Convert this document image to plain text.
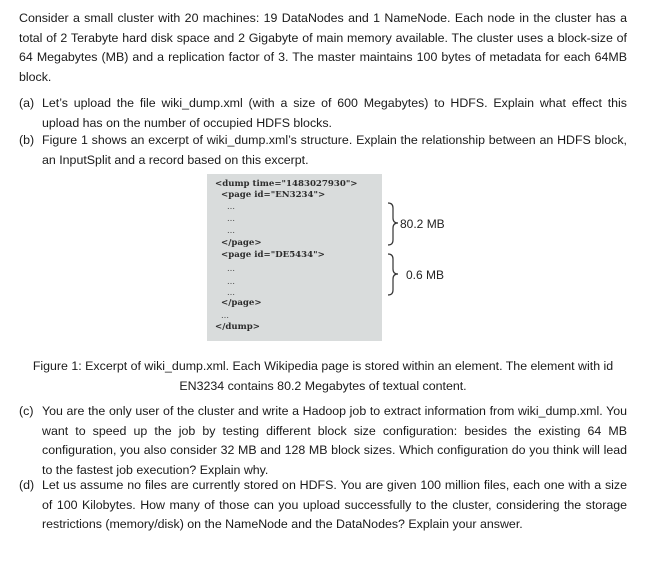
Consider a small cluster with 20 machines: 19 DataNodes and 1 NameNode. Each node in the cluster has a total of 2 Terabyte hard disk space and 2 Gigabyte of main memory available. The cluster uses a block-size of 64 Megabytes (MB) and a replication factor of 3. The master maintains 100 bytes of metadata for each 64MB block.
(a) Let’s upload the file wiki_dump.xml (with a size of 600 Megabytes) to HDFS. Explain what effect this upload has on the number of occupied HDFS blocks.
(b) Figure 1 shows an excerpt of wiki_dump.xml’s structure. Explain the relationship between an HDFS block, an InputSplit and a record based on this excerpt.
<dump time="1483027930">
<page id="EN3234">
…
…
…
</page>
<page id="DE5434">
…
…
…
</page>
…
</dump>
80.2 MB
0.6 MB
Figure 1: Excerpt of wiki_dump.xml. Each Wikipedia page is stored within an element. The element with id EN3234 contains 80.2 Megabytes of textual content.
(c) You are the only user of the cluster and write a Hadoop job to extract information from wiki_dump.xml. You want to speed up the job by testing different block size configuration: besides the existing 64 MB configuration, you also consider 32 MB and 128 MB block sizes. Which configuration do you think will lead to the fastest job execution? Explain why.
(d) Let us assume no files are currently stored on HDFS. You are given 100 million files, each one with a size of 100 Kilobytes. How many of those can you upload successfully to the cluster, considering the storage restrictions (memory/disk) on the NameNode and the DataNodes? Explain your answer.
